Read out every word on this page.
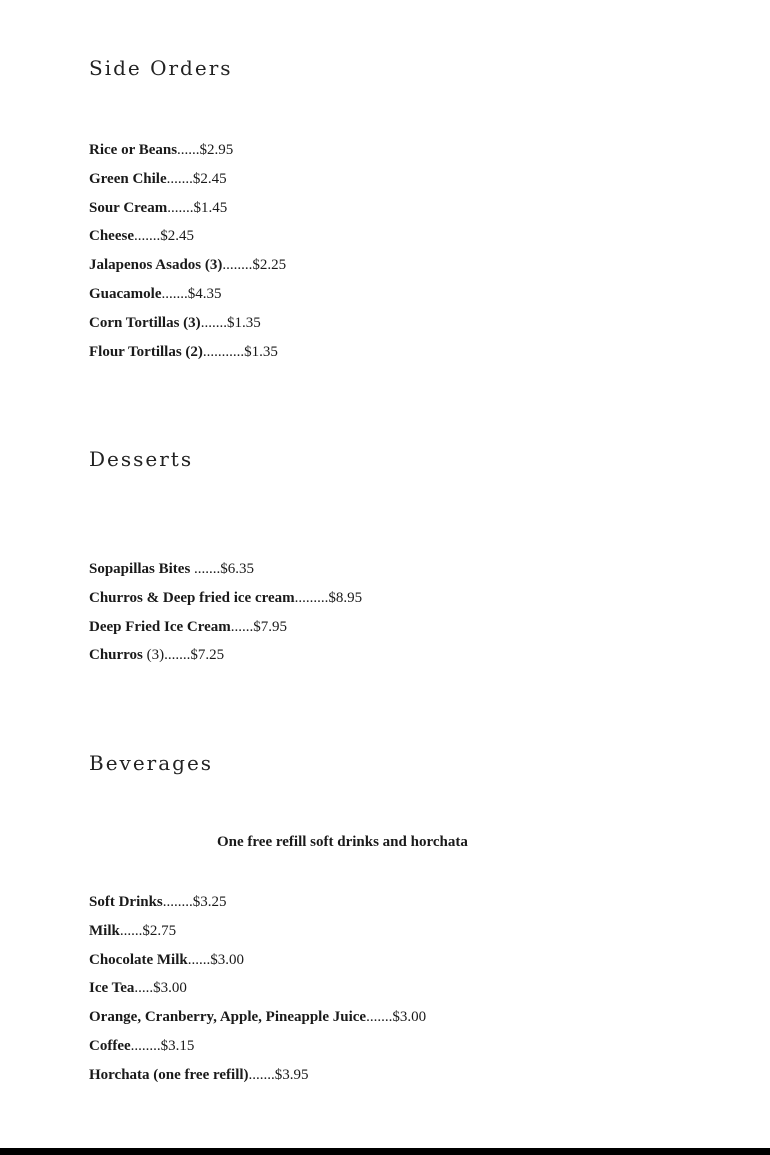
Side Orders
Rice or Beans......$2.95
Green Chile.......$2.45
Sour Cream.......$1.45
Cheese.......$2.45
Jalapenos Asados (3)........$2.25
Guacamole.......$4.35
Corn Tortillas (3).......$1.35
Flour Tortillas (2)...........$1.35
Desserts
Sopapillas Bites .......$6.35
Churros & Deep fried ice cream.........$8.95
Deep Fried Ice Cream......$7.95
Churros (3).......$7.25
Beverages

One free refill soft drinks and horchata

Soft Drinks........$3.25
Milk......$2.75
Chocolate Milk......$3.00
Ice Tea.....$3.00
Orange, Cranberry, Apple, Pineapple Juice.......$3.00
Coffee........$3.15
Horchata (one free refill).......$3.95
